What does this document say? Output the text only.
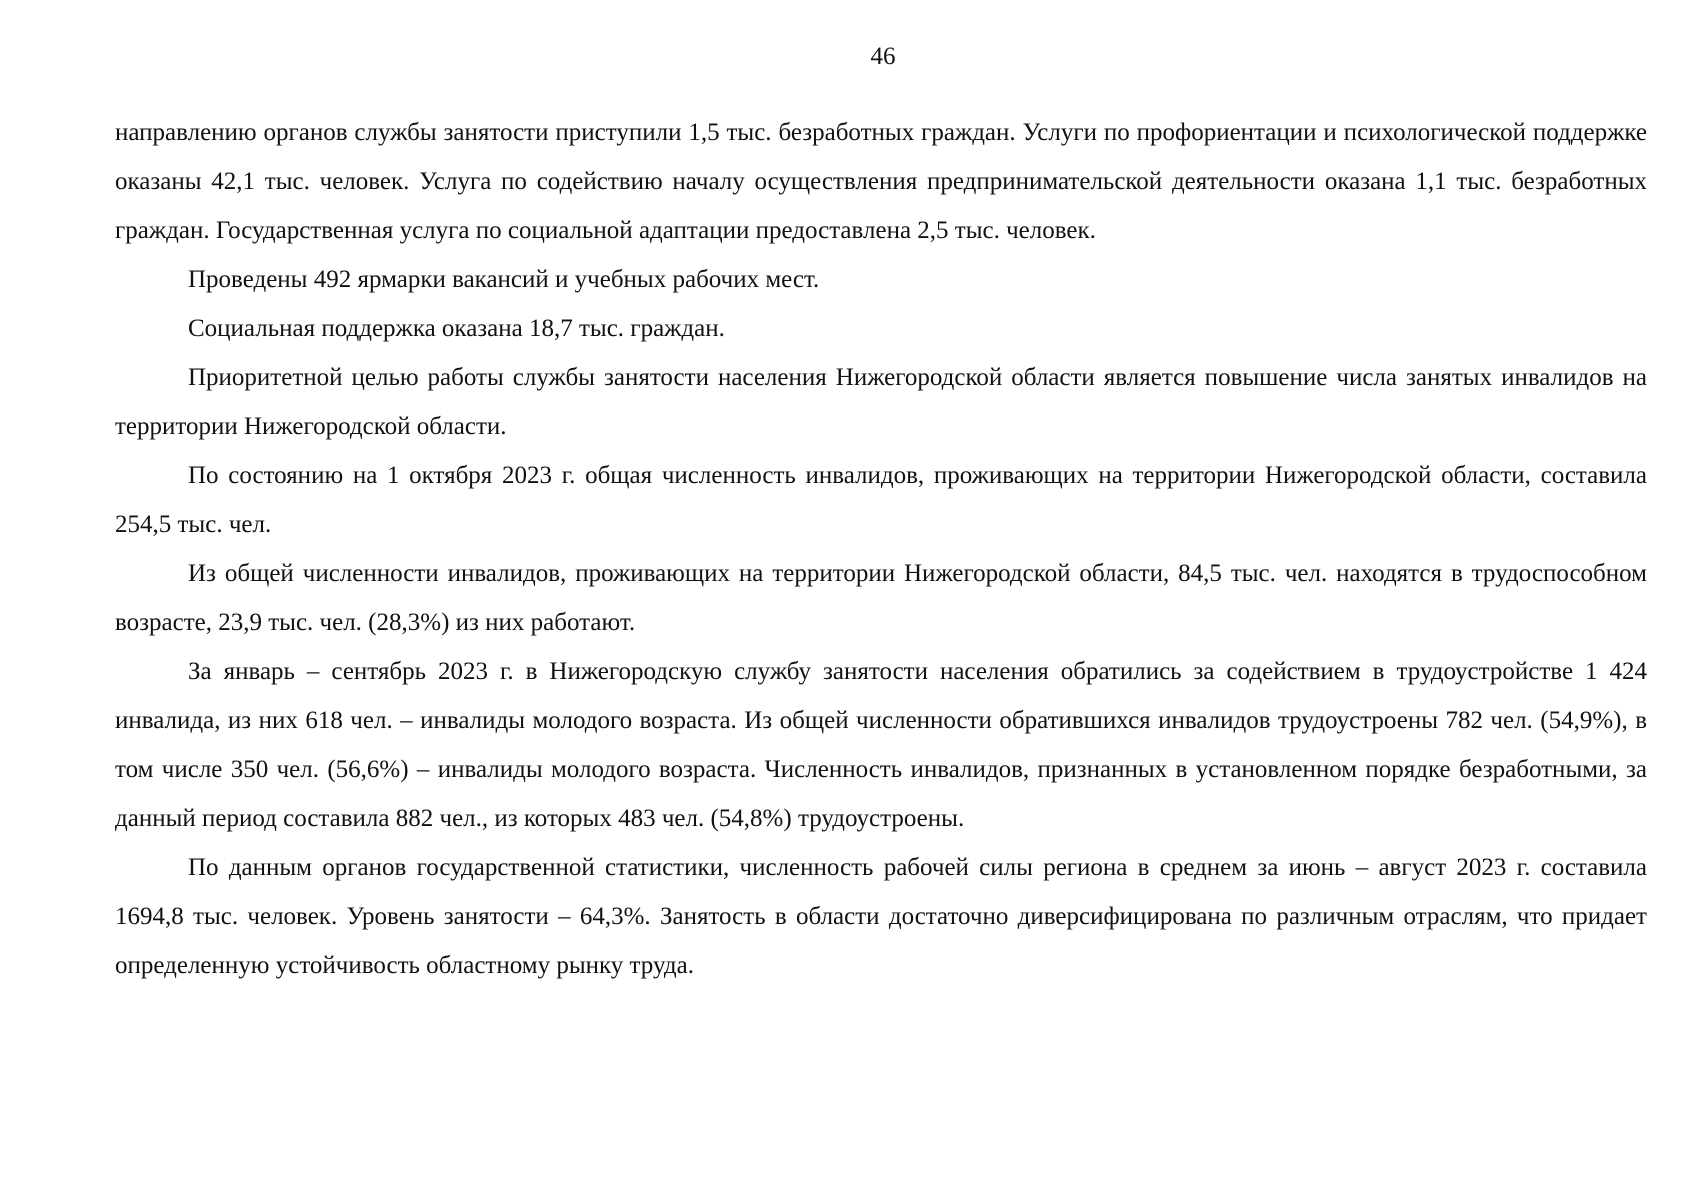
46

направлению органов службы занятости приступили 1,5 тыс. безработных граждан. Услуги по профориентации и психологической поддержке оказаны 42,1 тыс. человек. Услуга по содействию началу осуществления предпринимательской деятельности оказана 1,1 тыс. безработных граждан. Государственная услуга по социальной адаптации предоставлена 2,5 тыс. человек.

Проведены 492 ярмарки вакансий и учебных рабочих мест.

Социальная поддержка оказана 18,7 тыс. граждан.

Приоритетной целью работы службы занятости населения Нижегородской области является повышение числа занятых инвалидов на территории Нижегородской области.

По состоянию на 1 октября 2023 г. общая численность инвалидов, проживающих на территории Нижегородской области, составила 254,5 тыс. чел.

Из общей численности инвалидов, проживающих на территории Нижегородской области, 84,5 тыс. чел. находятся в трудоспособном возрасте, 23,9 тыс. чел. (28,3%) из них работают.

За январь – сентябрь 2023 г. в Нижегородскую службу занятости населения обратились за содействием в трудоустройстве 1 424 инвалида, из них 618 чел. – инвалиды молодого возраста. Из общей численности обратившихся инвалидов трудоустроены 782 чел. (54,9%), в том числе 350 чел. (56,6%) – инвалиды молодого возраста. Численность инвалидов, признанных в установленном порядке безработными, за данный период составила 882 чел., из которых 483 чел. (54,8%) трудоустроены.

По данным органов государственной статистики, численность рабочей силы региона в среднем за июнь – август 2023 г. составила 1694,8 тыс. человек. Уровень занятости – 64,3%. Занятость в области достаточно диверсифицирована по различным отраслям, что придает определенную устойчивость областному рынку труда.
